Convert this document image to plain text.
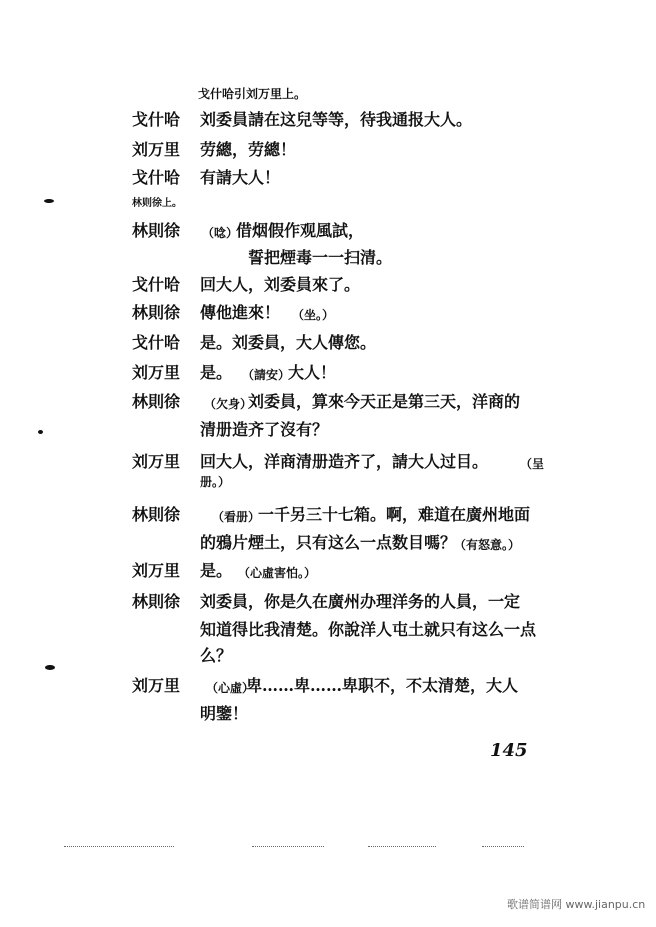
戈什哈引刘万里上。
戈什哈	刘委員請在这兒等等，待我通报大人。
刘万里	劳總，劳總！
戈什哈	有請大人！
林则徐上。
林則徐	（唸）
借烟假作观風試，
誓把煙毒一一扫清。
戈什哈	回大人，刘委員來了。
林則徐	傳他進來！ （坐。）
戈什哈	是。刘委員，大人傳您。
刘万里	是。 （請安）
大人！
林則徐	（欠身）
刘委員，算來今天正是第三天，洋商的
清册造齐了沒有？
刘万里	回大人，洋商清册造齐了，請大人过目。	（呈
册。）
林則徐	（看册）
一千另三十七箱。啊，难道在廣州地面
的鴉片煙土，只有这么一点数目嗎？
（有怒意。）
刘万里	是。 （心虛害怕。）
林則徐	刘委員，你是久在廣州办理洋务的人員，一定
知道得比我清楚。你說洋人屯土就只有这么一点
么？
刘万里	（心虛）
卑……卑……卑职不，不太清楚，大人
明鑒！
145
歌谱简谱网 www.jianpu.cn
